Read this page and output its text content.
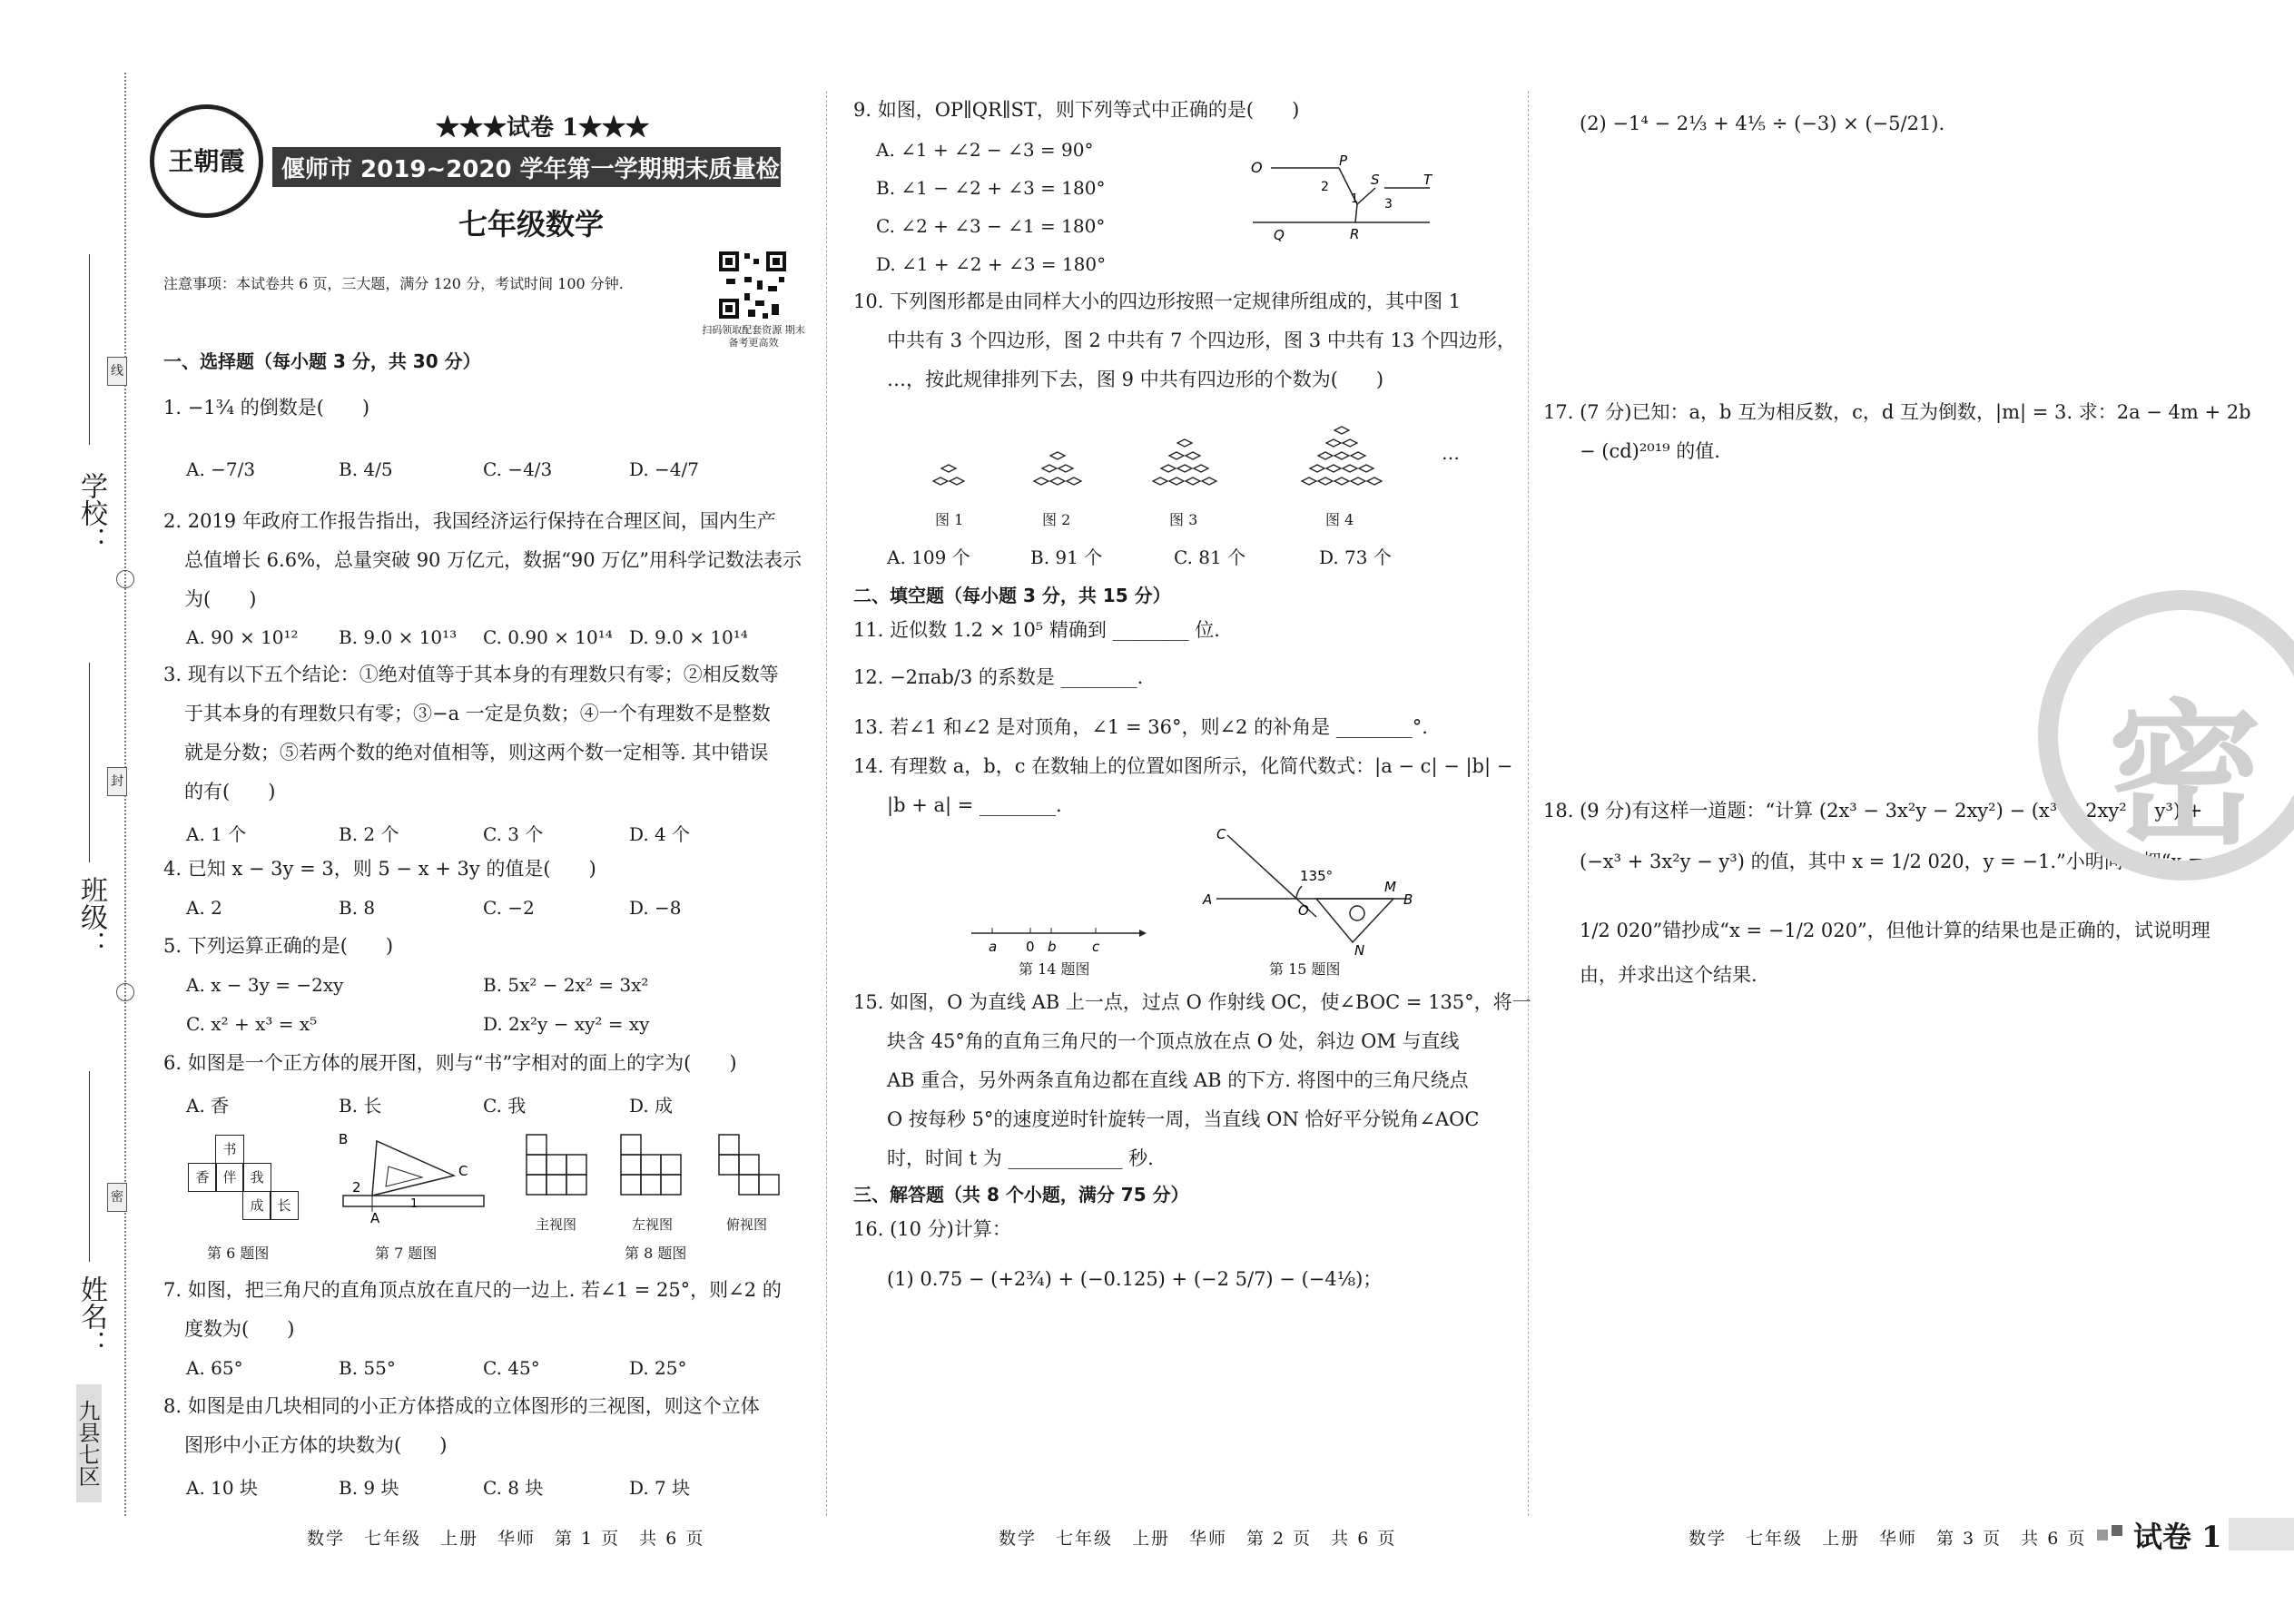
学校：
班级：
姓名：
线
封
密
九县七区
王朝霞
★★★试卷 1★★★
偃师市 2019~2020 学年第一学期期末质量检测试卷
七年级数学
注意事项：本试卷共 6 页，三大题，满分 120 分，考试时间 100 分钟.
扫码领取配套资源 期末备考更高效
一、选择题（每小题 3 分，共 30 分）
1. −1¾ 的倒数是(　　)
A. −7/3	B. 4/5	C. −4/3	D. −4/7
2. 2019 年政府工作报告指出，我国经济运行保持在合理区间，国内生产
总值增长 6.6%，总量突破 90 万亿元，数据“90 万亿”用科学记数法表示
为(　　)
A. 90 × 10¹² B. 9.0 × 10¹³ C. 0.90 × 10¹⁴ D. 9.0 × 10¹⁴
3. 现有以下五个结论：①绝对值等于其本身的有理数只有零；②相反数等
于其本身的有理数只有零；③−a 一定是负数；④一个有理数不是整数
就是分数；⑤若两个数的绝对值相等，则这两个数一定相等. 其中错误
的有(　　)
A. 1 个	B. 2 个	C. 3 个	D. 4 个
4. 已知 x − 3y = 3，则 5 − x + 3y 的值是(　　)
A. 2	B. 8	C. −2	D. −8
5. 下列运算正确的是(　　)
A. x − 3y = −2xy	B. 5x² − 2x² = 3x²
C. x² + x³ = x⁵	D. 2x²y − xy² = xy
6. 如图是一个正方体的展开图，则与“书”字相对的面上的字为(　　)
A. 香	B. 长	C. 我	D. 成
书
香 伴 我
成 长
B
C
A
2
1
主视图	左视图	俯视图
第 6 题图	第 7 题图	第 8 题图
7. 如图，把三角尺的直角顶点放在直尺的一边上. 若∠1 = 25°，则∠2 的
度数为(　　)
A. 65°	B. 55°	C. 45°	D. 25°
8. 如图是由几块相同的小正方体搭成的立体图形的三视图，则这个立体
图形中小正方体的块数为(　　)
A. 10 块	B. 9 块	C. 8 块	D. 7 块
数学　七年级　上册　华师　第 1 页　共 6 页
9. 如图，OP∥QR∥ST，则下列等式中正确的是(　　)
A. ∠1 + ∠2 − ∠3 = 90°
B. ∠1 − ∠2 + ∠3 = 180°
C. ∠2 + ∠3 − ∠1 = 180°
D. ∠1 + ∠2 + ∠3 = 180°
O	P
2
1
S
3
T
Q	R
10. 下列图形都是由同样大小的四边形按照一定规律所组成的，其中图 1
中共有 3 个四边形，图 2 中共有 7 个四边形，图 3 中共有 13 个四边形，
…，按此规律排列下去，图 9 中共有四边形的个数为(　　)
图 1	图 2	图 3	图 4
…
A. 109 个	B. 91 个	C. 81 个	D. 73 个
二、填空题（每小题 3 分，共 15 分）
11. 近似数 1.2 × 10⁵ 精确到 ________ 位.
12. −2πab/3 的系数是 ________.
13. 若∠1 和∠2 是对顶角，∠1 = 36°，则∠2 的补角是 ________°.
14. 有理数 a，b，c 在数轴上的位置如图所示，化简代数式：|a − c| − |b| −
|b + a| = ________.
a 0 b	c
第 14 题图
C
135°
A
O
M
B
N
第 15 题图
15. 如图，O 为直线 AB 上一点，过点 O 作射线 OC，使∠BOC = 135°，将一
块含 45°角的直角三角尺的一个顶点放在点 O 处，斜边 OM 与直线
AB 重合，另外两条直角边都在直线 AB 的下方. 将图中的三角尺绕点
O 按每秒 5°的速度逆时针旋转一周，当直线 ON 恰好平分锐角∠AOC
时，时间 t 为 ____________ 秒.
三、解答题（共 8 个小题，满分 75 分）
16. (10 分)计算：
(1) 0.75 − (+2¾) + (−0.125) + (−2 5/7) − (−4⅛)；
数学　七年级　上册　华师　第 2 页　共 6 页
(2) −1⁴ − 2⅓ + 4⅕ ÷ (−3) × (−5/21).
17. (7 分)已知：a，b 互为相反数，c，d 互为倒数，|m| = 3. 求：2a − 4m + 2b
− (cd)²⁰¹⁹ 的值.
18. (9 分)有这样一道题：“计算 (2x³ − 3x²y − 2xy²) − (x³ − 2xy² + y³) +
(−x³ + 3x²y − y³) 的值，其中 x = 1/2 020，y = −1.”小明同学把“x =
1/2 020”错抄成“x = −1/2 020”，但他计算的结果也是正确的，试说明理
由，并求出这个结果.
密
数学　七年级　上册　华师　第 3 页　共 6 页 试卷 1
